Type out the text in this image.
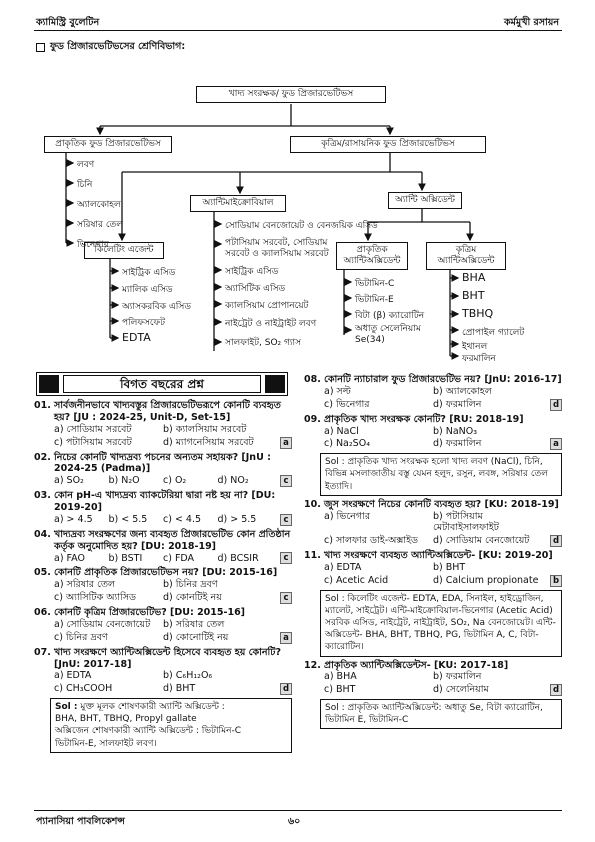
ক্যামিস্ট্রি বুলেটিন	কর্মমুখী রসায়ন
ফুড প্রিজারভেটিভসের শ্রেণিবিভাগ:
খাদ্য সংরক্ষক/ ফুড প্রিজারভেটিভস
প্রাকৃতিক ফুড প্রিজারভেটিভস	কৃত্রিম/রাসায়নিক ফুড প্রিজারভেটিভস
কিলেটিং এজেন্ট
অ্যান্টিমাইক্রোবিয়াল	অ্যান্টি অক্সিডেন্ট
প্রাকৃতিক অ্যান্টিঅক্সিডেন্ট
কৃত্রিম অ্যান্টিঅক্সিডেন্ট
লবণ
চিনি
অ্যালকোহল
সরিষার তেল
ভিনেগার
সাইট্রিক এসিড
ম্যালিক এসিড
অ্যাসকরবিক এসিড
পলিফসফেট
EDTA
সোডিয়াম বেনজোয়েট ও বেনজয়িক এসিড
পটাসিয়াম সরবেট, সোডিয়াম সরবেট ও ক্যালসিয়াম সরবেট
সাইট্রিক এসিড
অ্যাসিটিক এসিড
ক্যালসিয়াম প্রোপানয়েট
নাইট্রেট ও নাইট্রাইট লবণ
সালফাইট, SO₂ গ্যাস
ভিটামিন-C
ভিটামিন-E
বিটা (β) ক্যারোটিন
অধাতু সেলেনিয়াম Se(34)
BHA
BHT
TBHQ
প্রোপাইল গ্যালেট
ইথানল
ফরমালিন
বিগত বছরের প্রশ্ন
01. সার্বজনীনভাবে খাদ্যবস্তুর প্রিজারভেটিভরূপে কোনটি ব্যবহৃত হয়? [JU : 2024-25, Unit-D, Set-15]
a) সোডিয়াম সরবেট	b) ক্যালসিয়াম সরবেট
c) পটাসিয়াম সরবেট	d) ম্যাগনেসিয়াম সরবেট	a
02. নিচের কোনটি খাদ্যদ্রব্য পচনের অন্যতম সহায়ক? [JnU : 2024-25 (Padma)]
a) SO₂	b) N₂O	c) O₂	d) NO₂	c
03. কোন pH-এ খাদ্যদ্রব্য ব্যাকটেরিয়া দ্বারা নষ্ট হয় না? [DU: 2019-20]
a) > 4.5	b) < 5.5	c) < 4.5	d) > 5.5	c
04. খাদ্যদ্রব্য সংরক্ষণের জন্য ব্যবহৃত প্রিজারভেটিভ কোন প্রতিষ্ঠান কর্তৃক অনুমোদিত হয়? [DU: 2018-19]
a) FAO	b) BSTI	c) FDA	d) BCSIR	c
05. কোনটি প্রাকৃতিক প্রিজারভেটিভস নয়? [DU: 2015-16]
a) সরিষার তেল	b) চিনির দ্রবণ
c) অ্যাসিটিক অ্যাসিড	d) কোনটিই নয়	c
06. কোনটি কৃত্রিম প্রিজারভেটিভ? [DU: 2015-16]
a) সোডিয়াম বেনজোয়েট	b) সরিষার তেল
c) চিনির দ্রবণ	d) কোনোটিই নয়	a
07. খাদ্য সংরক্ষণে অ্যান্টিঅক্সিডেন্ট হিসেবে ব্যবহৃত হয় কোনটি? [JnU: 2017-18]
a) EDTA	b) C₆H₁₂O₆
c) CH₃COOH	d) BHT	d
Sol : মুক্ত মূলক শোষণকারী অ্যান্টি অক্সিডেন্ট :
BHA, BHT, TBHQ, Propyl gallate
অক্সিজেন শোষণকারী অ্যান্টি অক্সিডেন্ট : ভিটামিন-C
ভিটামিন-E, সালফাইট লবণ।
08. কোনটি ন্যাচারাল ফুড প্রিজারভেটিভ নয়? [JnU: 2016-17]
a) সল্ট	b) অ্যালকোহল
c) ভিনেগার	d) ফরমালিন	d
09. প্রাকৃতিক খাদ্য সংরক্ষক কোনটি? [RU: 2018-19]
a) NaCl	b) NaNO₃
c) Na₂SO₄	d) ফরমালিন	a
Sol : প্রাকৃতিক খাদ্য সংরক্ষক হলো খাদ্য লবণ (NaCl), চিনি, বিভিন্ন মসলাজাতীয় বস্তু যেমন হলুদ, রসুন, লবঙ্গ, সরিষার তেল ইত্যাদি।
10. জুস সংরক্ষণে নিচের কোনটি ব্যবহৃত হয়? [KU: 2018-19]
a) ভিনেগার	b) পটাসিয়াম মেটাবাইসালফাইট
c) সালফার ডাই-অক্সাইড	d) সোডিয়াম বেনজোয়েট	d
11. খাদ্য সংরক্ষণে ব্যবহৃত অ্যান্টিঅক্সিডেন্ট- [KU: 2019-20]
a) EDTA	b) BHT
c) Acetic Acid	d) Calcium propionate	b
Sol : কিলেটিং এজেন্ট- EDTA, EDA, সিনাইল, হাইড্রোজিন, ম্যালেট, সাইট্রেট। এন্টি-মাইক্রোবিয়াল-ভিনেগার (Acetic Acid) সরবিক এসিড, নাইট্রেট, নাইট্রাইট, SO₂, Na বেনজোয়েট। এন্টি-অক্সিডেন্ট- BHA, BHT, TBHQ, PG, ভিটামিন A, C, বিটা-ক্যারোটিন।
12. প্রাকৃতিক অ্যান্টিঅক্সিডেন্টস- [KU: 2017-18]
a) BHA	b) ফরমালিন
c) BHT	d) সেলেনিয়াম	d
Sol : প্রাকৃতিক অ্যান্টিঅক্সিডেন্ট: অধাতু Se, বিটা ক্যারোটিন, ভিটামিন E, ভিটামিন-C
প্যানাসিয়া পাবলিকেশন্স	৬০
